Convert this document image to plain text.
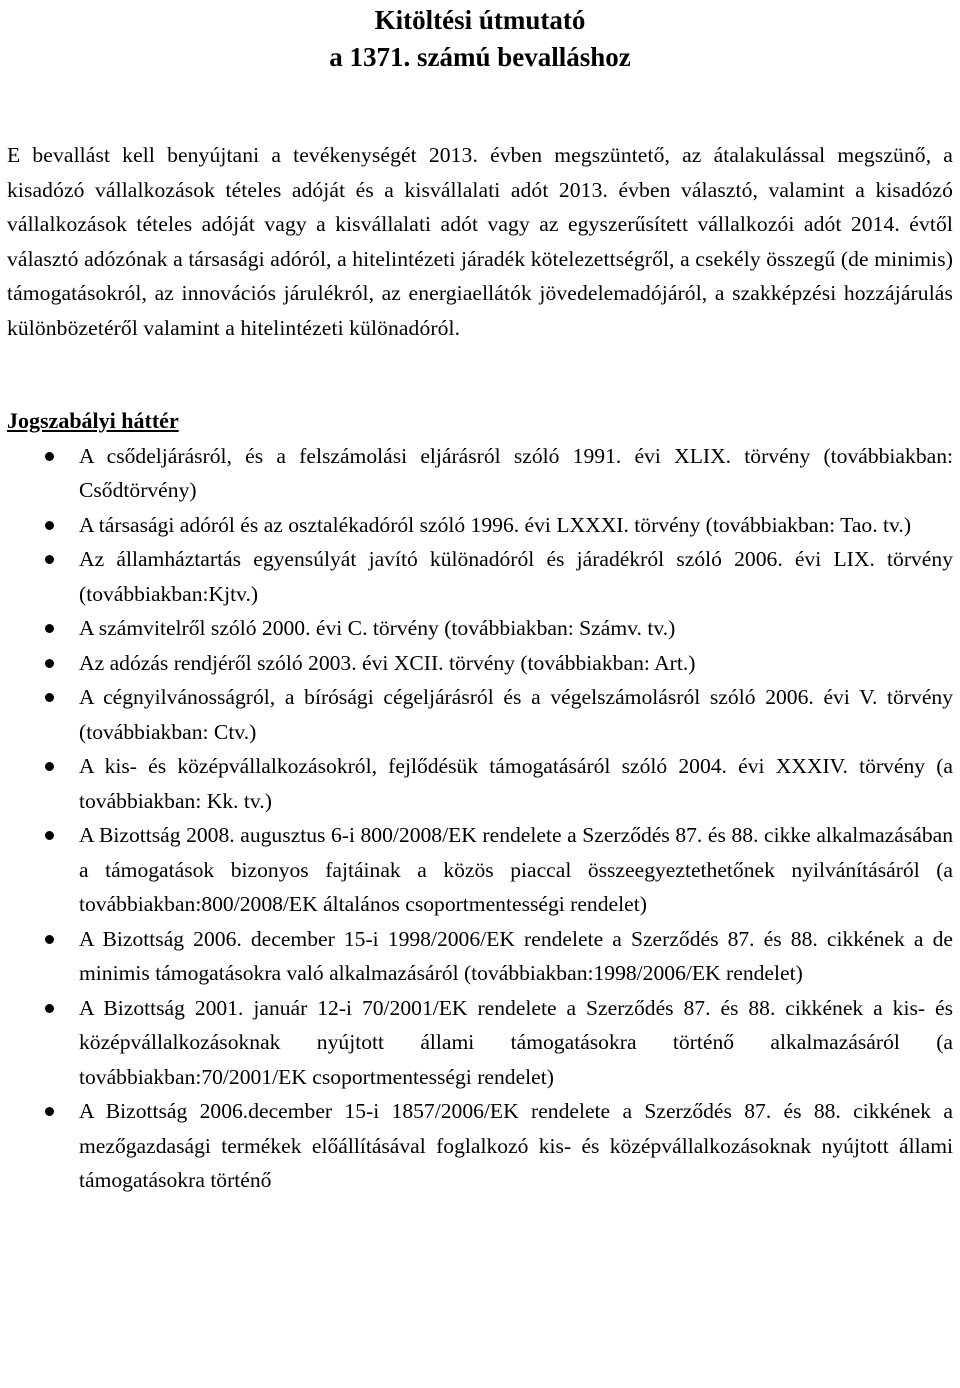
Kitöltési útmutató
a 1371. számú bevalláshoz

E bevallást kell benyújtani a tevékenységét 2013. évben megszüntető, az átalakulással megszünő, a kisadózó vállalkozások tételes adóját és a kisvállalati adót 2013. évben választó, valamint a kisadózó vállalkozások tételes adóját vagy a kisvállalati adót vagy az egyszerűsített vállalkozói adót 2014. évtől választó adózónak a társasági adóról, a hitelintézeti járadék kötelezettségről, a csekély összegű (de minimis) támogatásokról, az innovációs járulékról, az energiaellátók jövedelemadójáról, a szakképzési hozzájárulás különbözetéről valamint a hitelintézeti különadóról.

Jogszabályi háttér
A csődeljárásról, és a felszámolási eljárásról szóló 1991. évi XLIX. törvény (továbbiakban: Csődtörvény)
A társasági adóról és az osztalékadóról szóló 1996. évi LXXXI. törvény (továbbiakban: Tao. tv.)
Az államháztartás egyensúlyát javító különadóról és járadékról szóló 2006. évi LIX. törvény (továbbiakban:Kjtv.)
A számvitelről szóló 2000. évi C. törvény (továbbiakban: Számv. tv.)
Az adózás rendjéről szóló 2003. évi XCII. törvény (továbbiakban: Art.)
A cégnyilvánosságról, a bírósági cégeljárásról és a végelszámolásról szóló 2006. évi V. törvény (továbbiakban: Ctv.)
A kis- és középvállalkozásokról, fejlődésük támogatásáról szóló 2004. évi XXXIV. törvény (a továbbiakban: Kk. tv.)
A Bizottság 2008. augusztus 6-i 800/2008/EK rendelete a Szerződés 87. és 88. cikke alkalmazásában a támogatások bizonyos fajtáinak a közös piaccal összeegyeztethetőnek nyilvánításáról (a továbbiakban:800/2008/EK általános csoportmentességi rendelet)
A Bizottság 2006. december 15-i 1998/2006/EK rendelete a Szerződés 87. és 88. cikkének a de minimis támogatásokra való alkalmazásáról (továbbiakban:1998/2006/EK rendelet)
A Bizottság 2001. január 12-i 70/2001/EK rendelete a Szerződés 87. és 88. cikkének a kis- és középvállalkozásoknak nyújtott állami támogatásokra történő alkalmazásáról (a továbbiakban:70/2001/EK csoportmentességi rendelet)
A Bizottság 2006.december 15-i 1857/2006/EK rendelete a Szerződés 87. és 88. cikkének a mezőgazdasági termékek előállításával foglalkozó kis- és középvállalkozásoknak nyújtott állami támogatásokra történő
